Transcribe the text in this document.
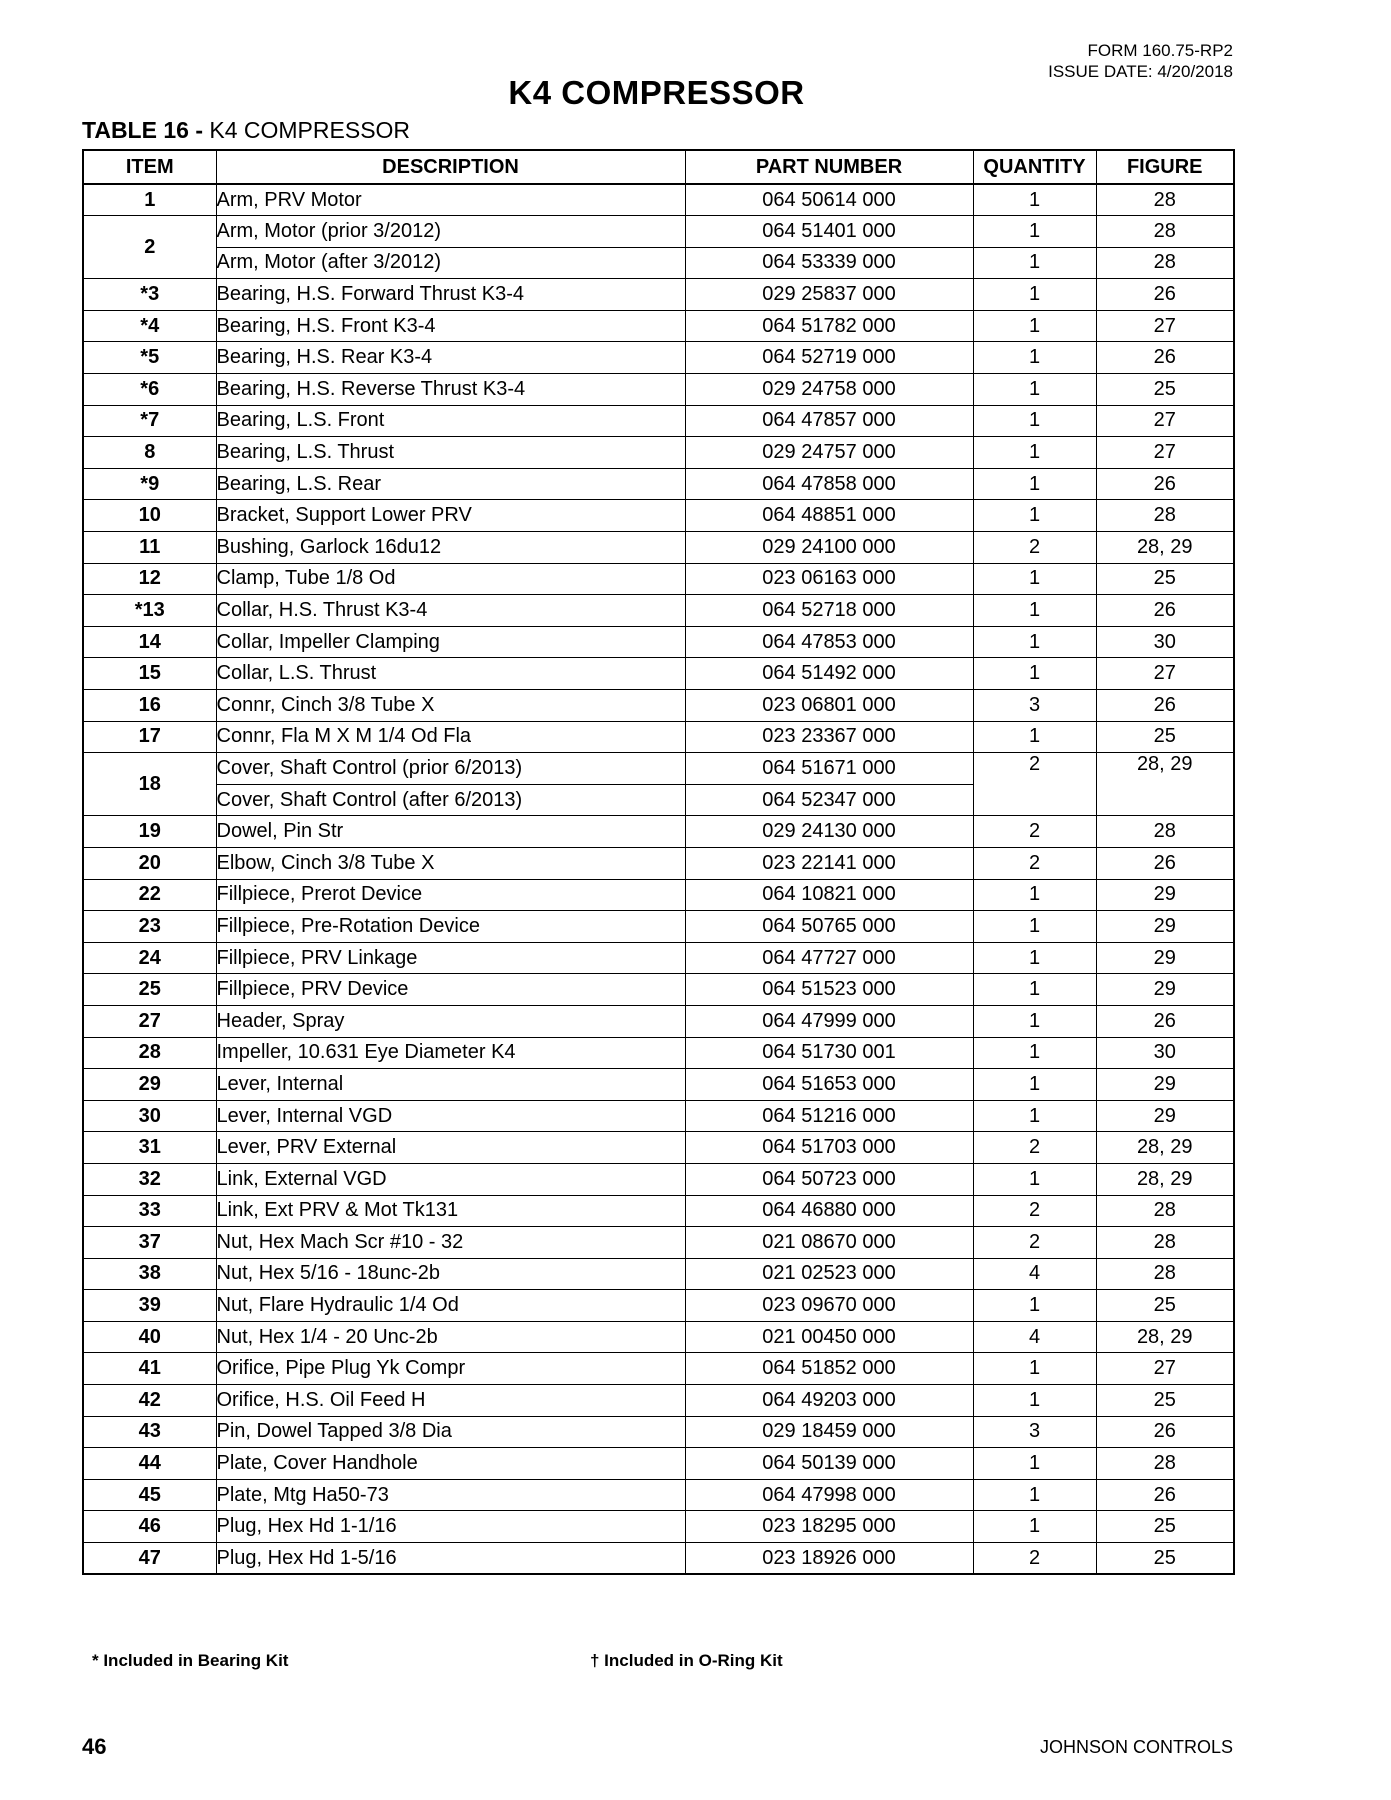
FORM 160.75-RP2
ISSUE DATE: 4/20/2018
K4 COMPRESSOR
TABLE 16 - K4 COMPRESSOR
ITEM	DESCRIPTION	PART NUMBER	QUANTITY	FIGURE
1	Arm, PRV Motor	064 50614 000	1	28
2	Arm, Motor (prior 3/2012)	064 51401 000	1	28
	Arm, Motor (after 3/2012)	064 53339 000	1	28
*3	Bearing, H.S. Forward Thrust K3-4	029 25837 000	1	26
*4	Bearing, H.S. Front K3-4	064 51782 000	1	27
*5	Bearing, H.S. Rear K3-4	064 52719 000	1	26
*6	Bearing, H.S. Reverse Thrust K3-4	029 24758 000	1	25
*7	Bearing, L.S. Front	064 47857 000	1	27
8	Bearing, L.S. Thrust	029 24757 000	1	27
*9	Bearing, L.S. Rear	064 47858 000	1	26
10	Bracket, Support Lower PRV	064 48851 000	1	28
11	Bushing, Garlock 16du12	029 24100 000	2	28, 29
12	Clamp, Tube 1/8 Od	023 06163 000	1	25
*13	Collar, H.S. Thrust K3-4	064 52718 000	1	26
14	Collar, Impeller Clamping	064 47853 000	1	30
15	Collar, L.S. Thrust	064 51492 000	1	27
16	Connr, Cinch 3/8 Tube X	023 06801 000	3	26
17	Connr, Fla M X M 1/4 Od Fla	023 23367 000	1	25
18	Cover, Shaft Control (prior 6/2013)	064 51671 000	2	28, 29
	Cover, Shaft Control (after 6/2013)	064 52347 000		
19	Dowel, Pin Str	029 24130 000	2	28
20	Elbow, Cinch 3/8 Tube X	023 22141 000	2	26
22	Fillpiece, Prerot Device	064 10821 000	1	29
23	Fillpiece, Pre-Rotation Device	064 50765 000	1	29
24	Fillpiece, PRV Linkage	064 47727 000	1	29
25	Fillpiece, PRV Device	064 51523 000	1	29
27	Header, Spray	064 47999 000	1	26
28	Impeller, 10.631 Eye Diameter K4	064 51730 001	1	30
29	Lever, Internal	064 51653 000	1	29
30	Lever, Internal VGD	064 51216 000	1	29
31	Lever, PRV External	064 51703 000	2	28, 29
32	Link, External VGD	064 50723 000	1	28, 29
33	Link, Ext PRV & Mot Tk131	064 46880 000	2	28
37	Nut, Hex Mach Scr #10 - 32	021 08670 000	2	28
38	Nut, Hex 5/16 - 18unc-2b	021 02523 000	4	28
39	Nut, Flare Hydraulic 1/4 Od	023 09670 000	1	25
40	Nut, Hex 1/4 - 20 Unc-2b	021 00450 000	4	28, 29
41	Orifice, Pipe Plug Yk Compr	064 51852 000	1	27
42	Orifice, H.S. Oil Feed H	064 49203 000	1	25
43	Pin, Dowel Tapped 3/8 Dia	029 18459 000	3	26
44	Plate, Cover Handhole	064 50139 000	1	28
45	Plate, Mtg Ha50-73	064 47998 000	1	26
46	Plug, Hex Hd 1-1/16	023 18295 000	1	25
47	Plug, Hex Hd 1-5/16	023 18926 000	2	25
* Included in Bearing Kit	† Included in O-Ring Kit
46	JOHNSON CONTROLS
